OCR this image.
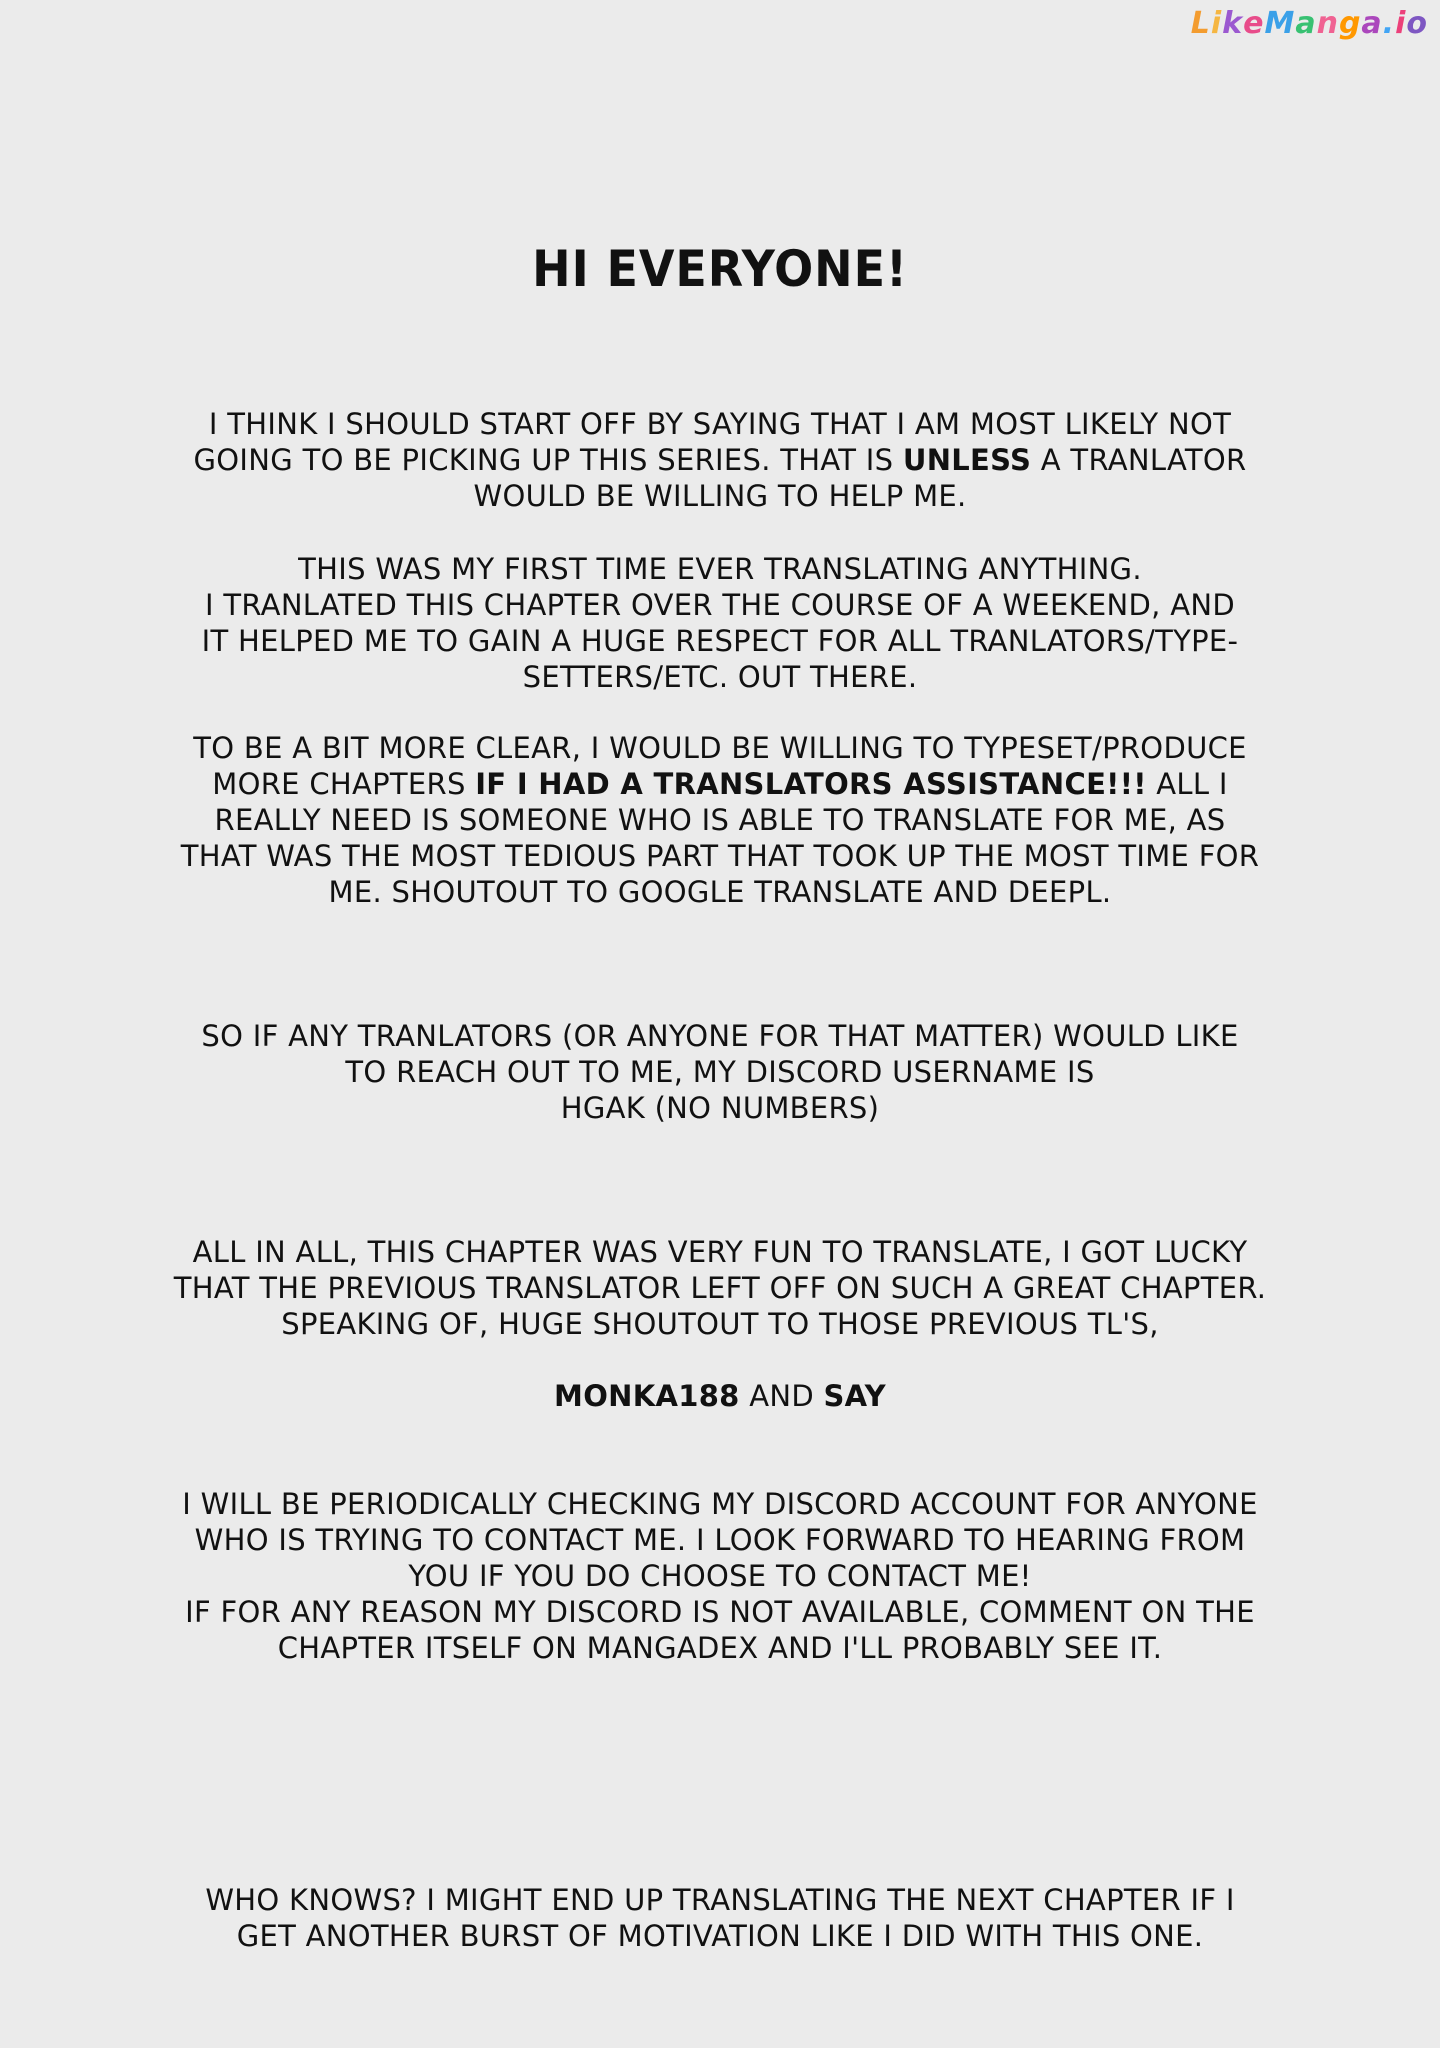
LikeManga.io
HI EVERYONE!
I THINK I SHOULD START OFF BY SAYING THAT I AM MOST LIKELY NOT
GOING TO BE PICKING UP THIS SERIES. THAT IS UNLESS A TRANLATOR
WOULD BE WILLING TO HELP ME.
THIS WAS MY FIRST TIME EVER TRANSLATING ANYTHING.
I TRANLATED THIS CHAPTER OVER THE COURSE OF A WEEKEND, AND
IT HELPED ME TO GAIN A HUGE RESPECT FOR ALL TRANLATORS/TYPE-
SETTERS/ETC. OUT THERE.
TO BE A BIT MORE CLEAR, I WOULD BE WILLING TO TYPESET/PRODUCE
MORE CHAPTERS IF I HAD A TRANSLATORS ASSISTANCE!!! ALL I
REALLY NEED IS SOMEONE WHO IS ABLE TO TRANSLATE FOR ME, AS
THAT WAS THE MOST TEDIOUS PART THAT TOOK UP THE MOST TIME FOR
ME. SHOUTOUT TO GOOGLE TRANSLATE AND DEEPL.
SO IF ANY TRANLATORS (OR ANYONE FOR THAT MATTER) WOULD LIKE
TO REACH OUT TO ME, MY DISCORD USERNAME IS
HGAK (NO NUMBERS)
ALL IN ALL, THIS CHAPTER WAS VERY FUN TO TRANSLATE, I GOT LUCKY
THAT THE PREVIOUS TRANSLATOR LEFT OFF ON SUCH A GREAT CHAPTER.
SPEAKING OF, HUGE SHOUTOUT TO THOSE PREVIOUS TL'S,
MONKA188 AND SAY
I WILL BE PERIODICALLY CHECKING MY DISCORD ACCOUNT FOR ANYONE
WHO IS TRYING TO CONTACT ME. I LOOK FORWARD TO HEARING FROM
YOU IF YOU DO CHOOSE TO CONTACT ME!
IF FOR ANY REASON MY DISCORD IS NOT AVAILABLE, COMMENT ON THE
CHAPTER ITSELF ON MANGADEX AND I'LL PROBABLY SEE IT.
WHO KNOWS? I MIGHT END UP TRANSLATING THE NEXT CHAPTER IF I
GET ANOTHER BURST OF MOTIVATION LIKE I DID WITH THIS ONE.
